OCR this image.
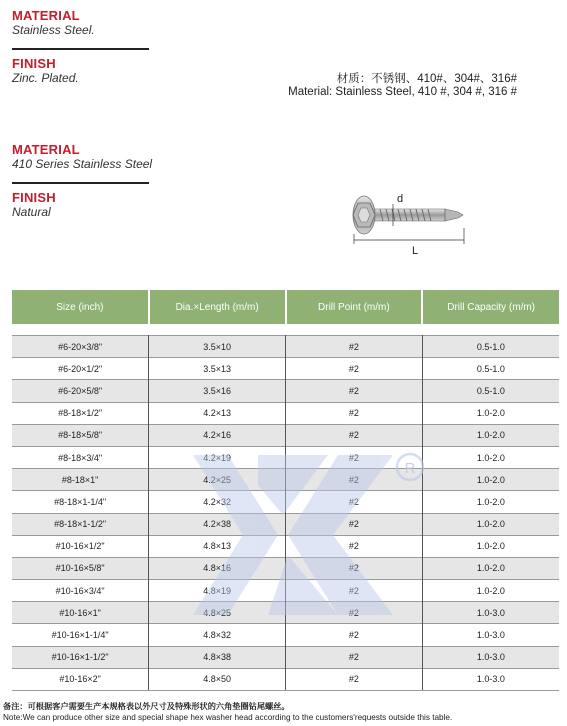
MATERIAL
Stainless Steel.
FINISH
Zinc. Plated.	材质：不锈钢、410#、304#、316#
Material: Stainless Steel, 410 #, 304 #, 316 #
MATERIAL
410 Series Stainless Steel
FINISH
Natural
d
L
Size (inch)	Dia.×Length (m/m)	Drill Point (m/m)	Drill Capacity (m/m)

#6-20×3/8"	3.5×10	#2	0.5-1.0
#6-20×1/2"	3.5×13	#2	0.5-1.0
#6-20×5/8"	3.5×16	#2	0.5-1.0
#8-18×1/2"	4.2×13	#2	1.0-2.0
#8-18×5/8"	4.2×16	#2	1.0-2.0
#8-18×3/4"	4.2×19	#2	1.0-2.0
#8-18×1"	4.2×25	#2	1.0-2.0
#8-18×1-1/4"	4.2×32	#2	1.0-2.0
#8-18×1-1/2"	4.2×38	#2	1.0-2.0
#10-16×1/2"	4.8×13	#2	1.0-2.0
#10-16×5/8"	4.8×16	#2	1.0-2.0
#10-16×3/4"	4.8×19	#2	1.0-2.0
#10-16×1"	4.8×25	#2	1.0-3.0
#10-16×1-1/4"	4.8×32	#2	1.0-3.0
#10-16×1-1/2"	4.8×38	#2	1.0-3.0
#10-16×2"	4.8×50	#2	1.0-3.0
R
备注：可根据客户需要生产本规格表以外尺寸及特殊形状的六角垫圈钻尾螺丝。
Note:We can produce other size and special shape hex washer head according to the customers'requests outside this table.
